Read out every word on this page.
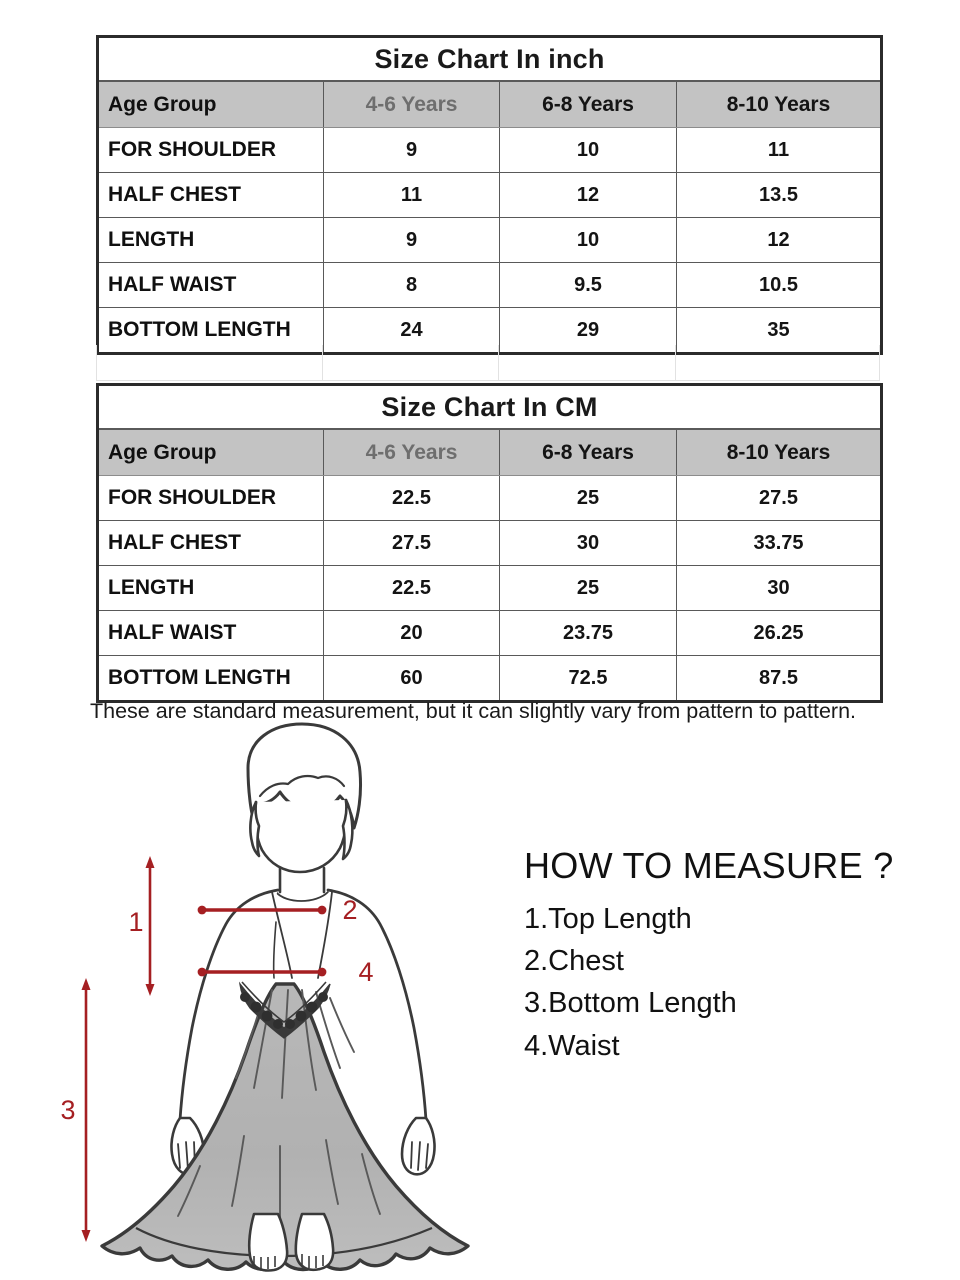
Size Chart In inch			
Age Group	4-6 Years	6-8 Years	8-10 Years
FOR SHOULDER	9	10	11
HALF CHEST	11	12	13.5
LENGTH	9	10	12
HALF WAIST	8	9.5	10.5
BOTTOM LENGTH	24	29	35
Size Chart In CM			
Age Group	4-6 Years	6-8 Years	8-10 Years
FOR SHOULDER	22.5	25	27.5
HALF CHEST	27.5	30	33.75
LENGTH	22.5	25	30
HALF WAIST	20	23.75	26.25
BOTTOM LENGTH	60	72.5	87.5
These are standard measurement, but it can slightly vary from pattern to pattern.
HOW TO MEASURE ?
1.Top Length
2.Chest
3.Bottom Length
4.Waist
1	2
4
3
